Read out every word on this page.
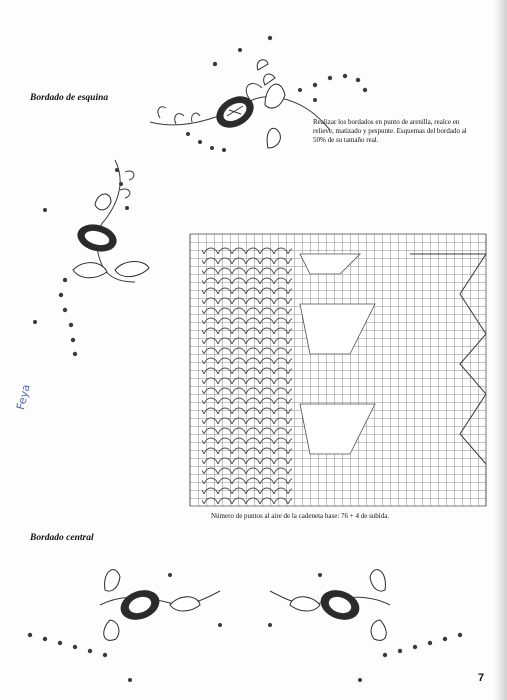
Bordado de esquina

Realizar los bordados en punto de arenilla, realce en relieve, matizado y pespunte. Esquemas del bordado al 50% de su tamaño real.

Número de puntos al aire de la cadeneta base: 76 + 4 de subida.

Feya

Bordado central

7
